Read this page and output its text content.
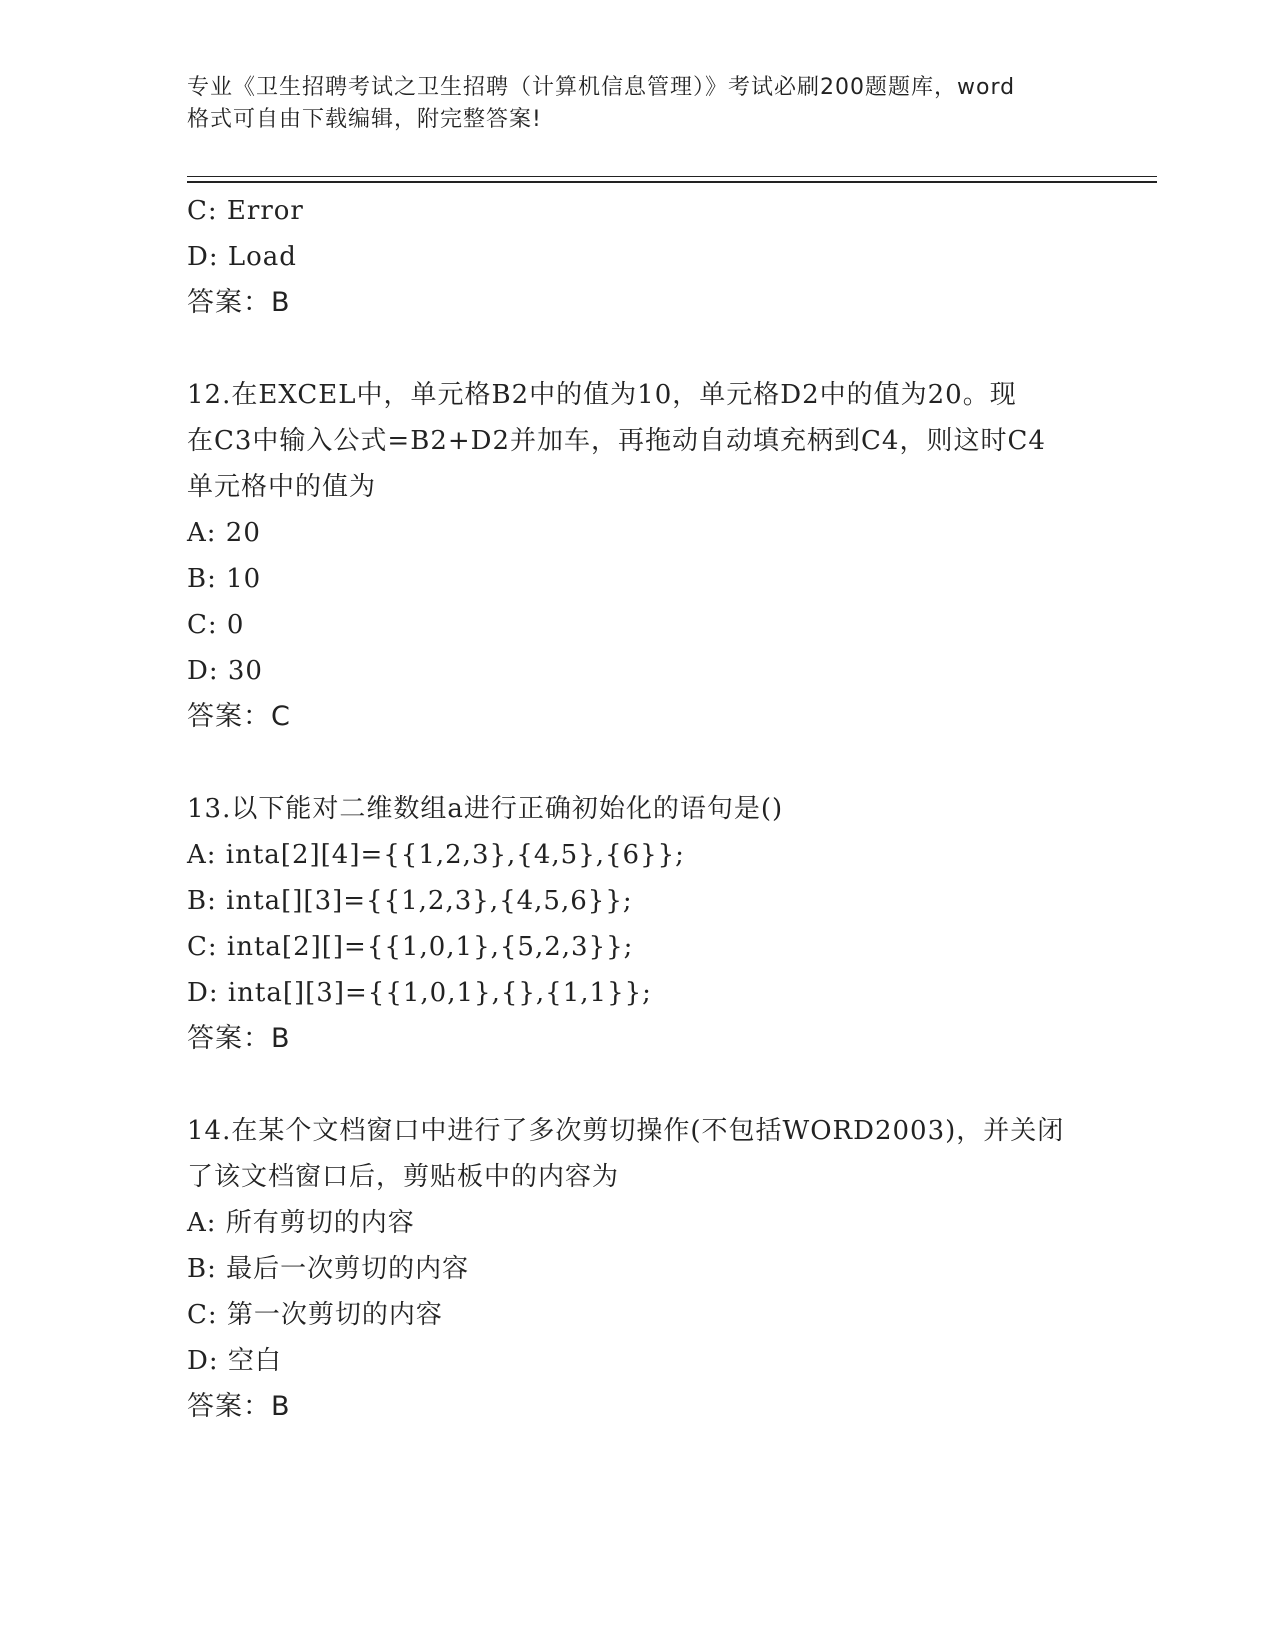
专业《卫生招聘考试之卫生招聘（计算机信息管理）》考试必刷200题题库，word
格式可自由下载编辑，附完整答案!
C: Error
D: Load
答案：B
12.在EXCEL中，单元格B2中的值为10，单元格D2中的值为20。现
在C3中输入公式=B2+D2并加车，再拖动自动填充柄到C4，则这时C4
单元格中的值为
A: 20
B: 10
C: 0
D: 30
答案：C
13.以下能对二维数组a进行正确初始化的语句是()
A: inta[2][4]={{1,2,3},{4,5},{6}};
B: inta[][3]={{1,2,3},{4,5,6}};
C: inta[2][]={{1,0,1},{5,2,3}};
D: inta[][3]={{1,0,1},{},{1,1}};
答案：B
14.在某个文档窗口中进行了多次剪切操作(不包括WORD2003)，并关闭
了该文档窗口后，剪贴板中的内容为
A: 所有剪切的内容
B: 最后一次剪切的内容
C: 第一次剪切的内容
D: 空白
答案：B
